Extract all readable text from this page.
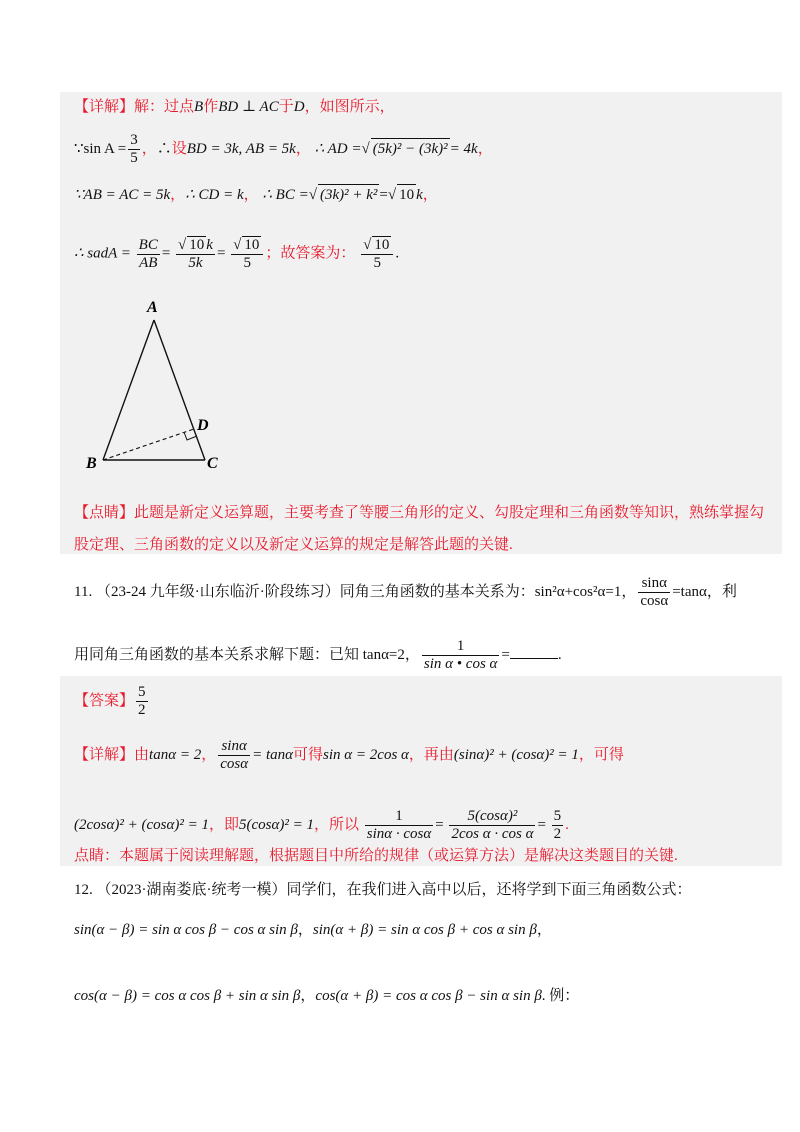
【详解】解：过点B作BD ⊥ AC于D，如图所示，
∵sin $A = \frac{3}{5}$ ，∴设BD = 3k, AB = 5k， ∴ AD =√ (5k)² − (3k)² = 4k，
∵AB = AC = 5k，∴ CD = k， ∴ BC =√ (3k)² + k² =√ 10 k，
∴ sadA = $\frac{BC}{AB} = \frac{√ 10 k}{5k} = \frac{√ 10}{5}$ ；故答案为： $\frac{√ 10}{5}$ .
A
B	C
D
【点睛】此题是新定义运算题，主要考查了等腰三角形的定义、勾股定理和三角函数等知识，熟练掌握勾
股定理、三角函数的定义以及新定义运算的规定是解答此题的关键.
11. （23-24 九年级·山东临沂·阶段练习）同角三角函数的基本关系为：sin²α+cos²α=1， $\frac{\sin\alpha}{\cos\alpha} =\tan\alpha$，利
用同角三角函数的基本关系求解下题：已知 tanα=2， $\frac{1}{\text{sin α • cos α}}$ =	.
【答案】 $\frac{5}{2}$
【详解】由tanα = 2， $\frac{\sin\alpha}{\cos\alpha} = \tan\alpha$可得sin α = 2cos α，再由(sinα)² + (cosα)² = 1，可得
(2cosα)² + (cosα)² = 1，即5(cosα)² = 1，所以 $\frac{1}{\sin\alpha \cdot \cos\alpha} = \frac{\text{5(cosα)²}}{\text{2cos α · cos α}} = \frac{5}{2}$ .
点睛：本题属于阅读理解题，根据题目中所给的规律（或运算方法）是解决这类题目的关键.
12. （2023·湖南娄底·统考一模）同学们，在我们进入高中以后，还将学到下面三角函数公式：
sin(α − β) = sin α cos β − cos α sin β，sin(α + β) = sin α cos β + cos α sin β，
cos(α − β) = cos α cos β + sin α sin β，cos(α + β) = cos α cos β − sin α sin β. 例：
